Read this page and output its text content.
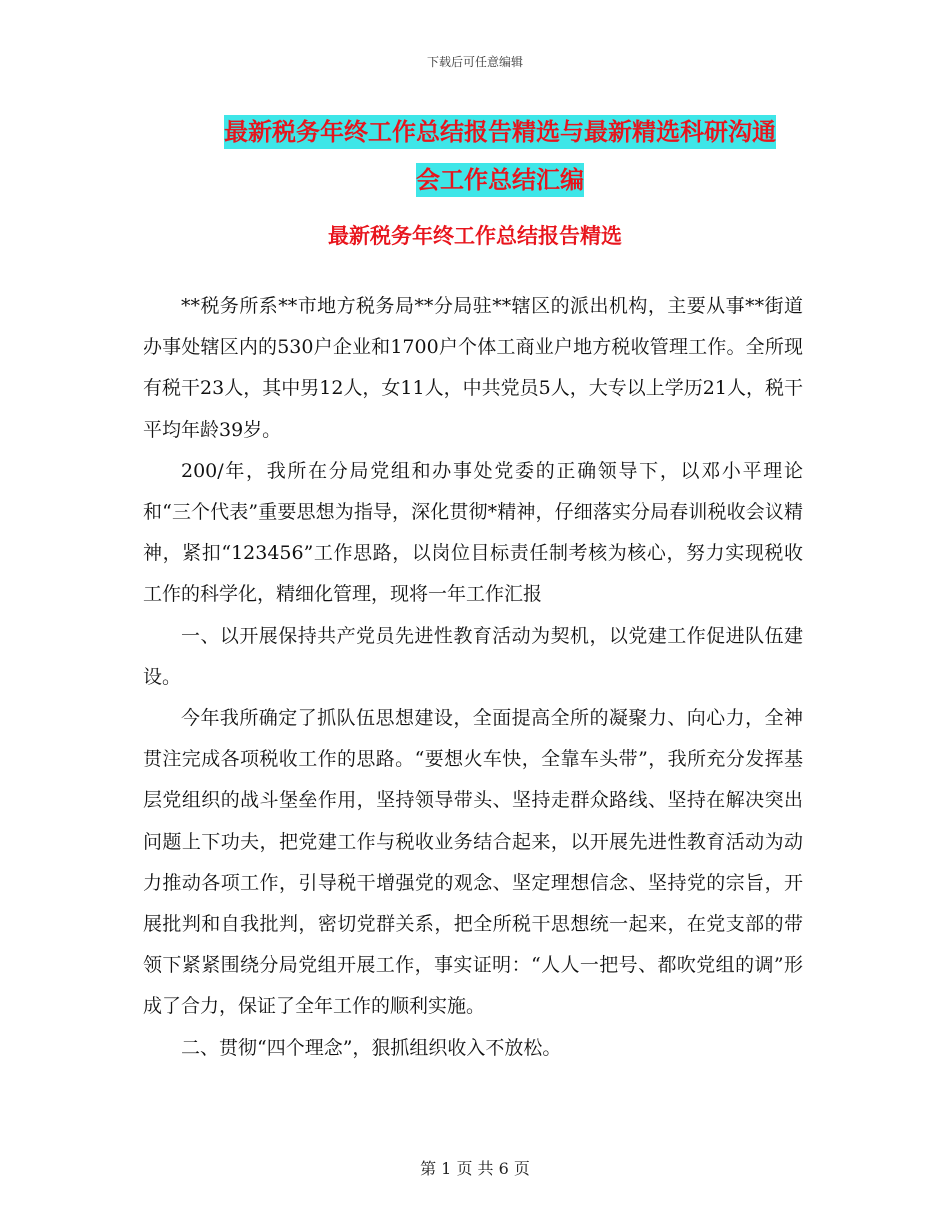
下载后可任意编辑
最新税务年终工作总结报告精选与最新精选科研沟通
会工作总结汇编
最新税务年终工作总结报告精选

**税务所系**市地方税务局**分局驻**辖区的派出机构，主要从事**街道办事处辖区内的530户企业和1700户个体工商业户地方税收管理工作。全所现有税干23人，其中男12人，女11人，中共党员5人，大专以上学历21人，税干平均年龄39岁。

200/年，我所在分局党组和办事处党委的正确领导下，以邓小平理论和“三个代表”重要思想为指导，深化贯彻*精神，仔细落实分局春训税收会议精神，紧扣“123456”工作思路，以岗位目标责任制考核为核心，努力实现税收工作的科学化，精细化管理，现将一年工作汇报

一、以开展保持共产党员先进性教育活动为契机，以党建工作促进队伍建设。

今年我所确定了抓队伍思想建设，全面提高全所的凝聚力、向心力，全神贯注完成各项税收工作的思路。“要想火车快，全靠车头带”，我所充分发挥基层党组织的战斗堡垒作用，坚持领导带头、坚持走群众路线、坚持在解决突出问题上下功夫，把党建工作与税收业务结合起来，以开展先进性教育活动为动力推动各项工作，引导税干增强党的观念、坚定理想信念、坚持党的宗旨，开展批判和自我批判，密切党群关系，把全所税干思想统一起来，在党支部的带领下紧紧围绕分局党组开展工作，事实证明：“人人一把号、都吹党组的调”形成了合力，保证了全年工作的顺利实施。

二、贯彻“四个理念”，狠抓组织收入不放松。

第 1 页 共 6 页
